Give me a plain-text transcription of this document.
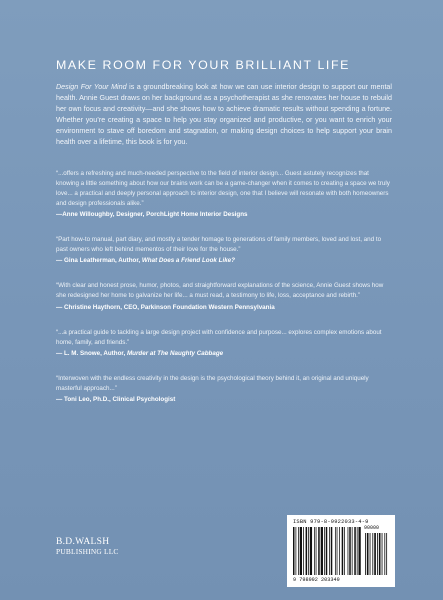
MAKE ROOM FOR YOUR BRILLIANT LIFE

Design For Your Mind is a groundbreaking look at how we can use interior design to support our mental health. Annie Guest draws on her background as a psychotherapist as she renovates her house to rebuild her own focus and creativity—and she shows how to achieve dramatic results without spending a fortune. Whether you’re creating a space to help you stay organized and productive, or you want to enrich your environment to stave off boredom and stagnation, or making design choices to help support your brain health over a lifetime, this book is for you.

“...offers a refreshing and much-needed perspective to the field of interior design... Guest astutely recognizes that knowing a little something about how our brains work can be a game-changer when it comes to creating a space we truly love... a practical and deeply personal approach to interior design, one that I believe will resonate with both homeowners and design professionals alike.”

—Anne Willoughby, Designer, PorchLight Home Interior Designs

“Part how-to manual, part diary, and mostly a tender homage to generations of family members, loved and lost, and to past owners who left behind mementos of their love for the house.”

— Gina Leatherman, Author, What Does a Friend Look Like?

“With clear and honest prose, humor, photos, and straightforward explanations of the science, Annie Guest shows how she redesigned her home to galvanize her life... a must read, a testimony to life, loss, acceptance and rebirth.”

— Christine Haythorn, CEO, Parkinson Foundation Western Pennsylvania

“...a practical guide to tackling a large design project with confidence and purpose... explores complex emotions about home, family, and friends.”

— L. M. Snowe, Author, Murder at The Naughty Cabbage

“Interwoven with the endless creativity in the design is the psychological theory behind it, an original and uniquely masterful approach...”

— Toni Leo, Ph.D., Clinical Psychologist

B.D.WALSH
PUBLISHING LLC
ISBN 979-8-9922033-4-9
90000
9 798992 203349
